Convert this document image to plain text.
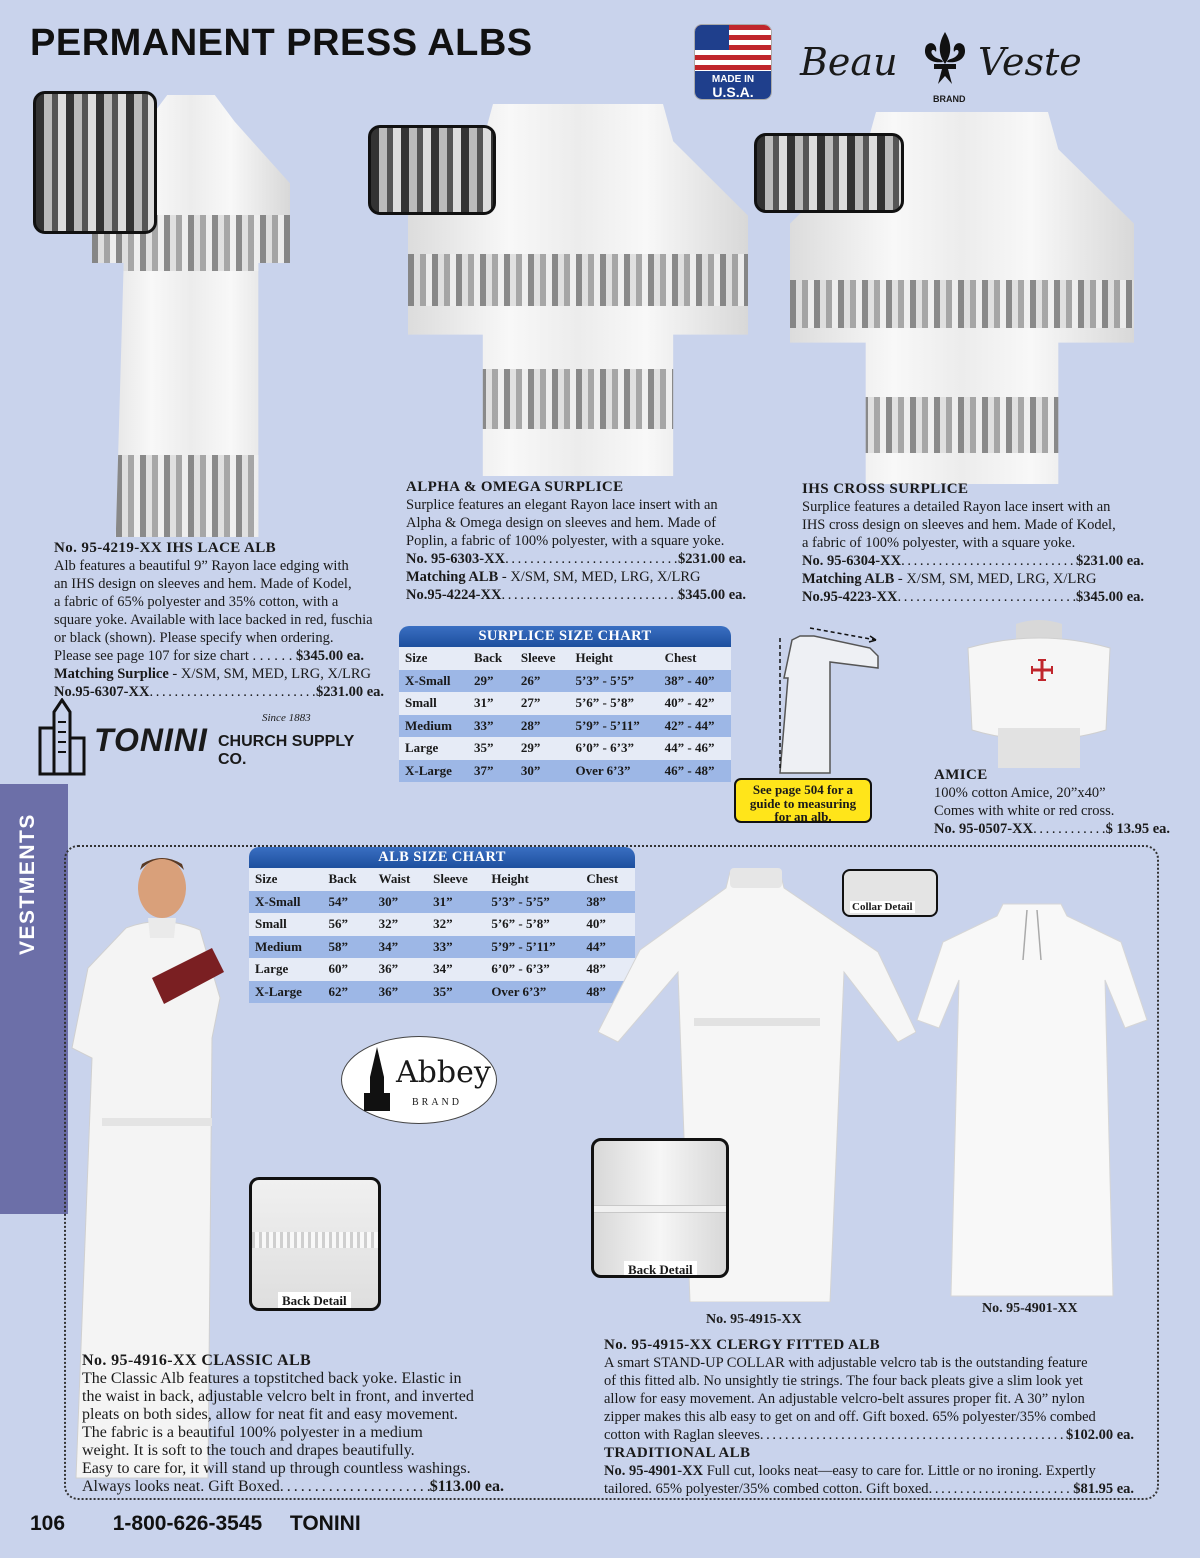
PERMANENT PRESS ALBS
MADE IN
U.S.A.
Beau Veste
BRAND
No. 95-4219-XX IHS LACE ALB
Alb features a beautiful 9” Rayon lace edging with
an IHS design on sleeves and hem. Made of Kodel,
a fabric of 65% polyester and 35% cotton, with a
square yoke. Available with lace backed in red, fuschia
or black (shown). Please specify when ordering.
Please see page 107 for size chart . . . . . .
$345.00 ea.
Matching Surplice - X/SM, SM, MED, LRG, X/LRG
No.95-6307-XX . . .	$231.00 ea.
Since 1883
TONINI CHURCH SUPPLY CO.
ALPHA & OMEGA SURPLICE
Surplice features an elegant Rayon lace insert with an
Alpha & Omega design on sleeves and hem. Made of
Poplin, a fabric of 100% polyester, with a square yoke.
No. 95-6303-XX . . .	$231.00 ea.
Matching ALB - X/SM, SM, MED, LRG, X/LRG
No.95-4224-XX . . .	$345.00 ea.
IHS CROSS SURPLICE
Surplice features a detailed Rayon lace insert with an
IHS cross design on sleeves and hem. Made of Kodel,
a fabric of 100% polyester, with a square yoke.
No. 95-6304-XX . . .	$231.00 ea.
Matching ALB - X/SM, SM, MED, LRG, X/LRG
No.95-4223-XX . . .	$345.00 ea.
SURPLICE SIZE CHART
Size	Back	Sleeve	Height	Chest
X-Small	29”	26”	5’3” - 5’5”	38” - 40”
Small	31”	27”	5’6” - 5’8”	40” - 42”
Medium	33”	28”	5’9” - 5’11”	42” - 44”
Large	35”	29”	6’0” - 6’3”	44” - 46”
X-Large	37”	30”	Over 6’3”	46” - 48”
See page 504 for a
guide to measuring
for an alb.
AMICE
100% cotton Amice, 20”x40”
Comes with white or red cross.
No. 95-0507-XX . . .	$ 13.95 ea.
VESTMENTS	ALB SIZE CHART
Size	Back	Waist	Sleeve	Height	Chest
X-Small	54”	30”	31”	5’3” - 5’5”	38”
Small	56”	32”	32”	5’6” - 5’8”	40”
Medium	58”	34”	33”	5’9” - 5’11”	44”
Large	60”	36”	34”	6’0” - 6’3”	48”
X-Large	62”	36”	35”	Over 6’3”	48”
Abbey
BRAND
Back Detail
Collar Detail
Back Detail
No. 95-4915-XX
No. 95-4901-XX
No. 95-4916-XX CLASSIC ALB
The Classic Alb features a topstitched back yoke. Elastic in
the waist in back, adjustable velcro belt in front, and inverted
pleats on both sides, allow for neat fit and easy movement.
The fabric is a beautiful 100% polyester in a medium
weight. It is soft to the touch and drapes beautifully.
Easy to care for, it will stand up through countless washings.
Always looks neat. Gift Boxed . . .	$113.00 ea.
No. 95-4915-XX CLERGY FITTED ALB
A smart STAND-UP COLLAR with adjustable velcro tab is the outstanding feature
of this fitted alb. No unsightly tie strings. The four back pleats give a slim look yet
allow for easy movement. An adjustable velcro-belt assures proper fit. A 30” nylon
zipper makes this alb easy to get on and off. Gift boxed. 65% polyester/35% combed
cotton with Raglan sleeves . . .	$102.00 ea.
TRADITIONAL ALB
No. 95-4901-XX Full cut, looks neat—easy to care for. Little or no ironing. Expertly
tailored. 65% polyester/35% combed cotton. Gift boxed . . .	$81.95 ea.
106 1-800-626-3545 TONINI
